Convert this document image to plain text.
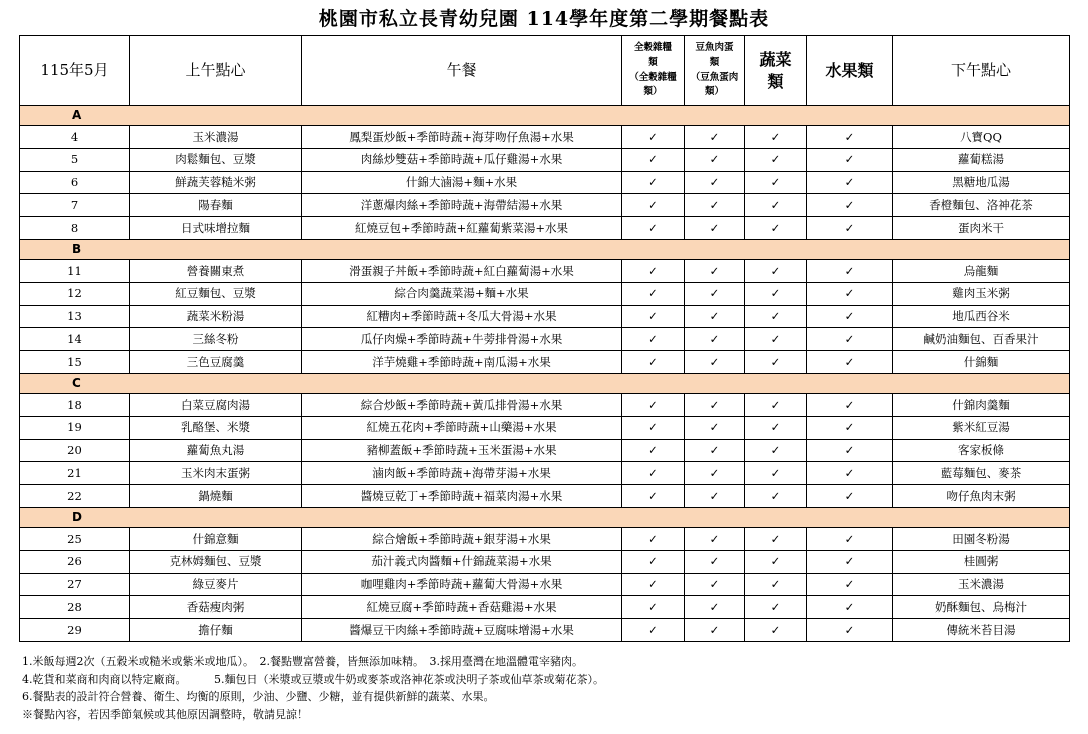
桃園市私立長青幼兒園 114學年度第二學期餐點表
115年5月	上午點心	午餐	全穀雜糧
類
（全穀雜糧
類）	豆魚肉蛋
類
（豆魚蛋肉
類）	蔬菜
類	水果類	下午點心
A							
4	玉米濃湯	鳳梨蛋炒飯+季節時蔬+海芽吻仔魚湯+水果	✓	✓	✓	✓	八寶QQ
5	肉鬆麵包、豆漿	肉絲炒雙菇+季節時蔬+瓜仔雞湯+水果	✓	✓	✓	✓	蘿蔔糕湯
6	鮮蔬芙蓉糙米粥	什錦大滷湯+麵+水果	✓	✓	✓	✓	黑糖地瓜湯
7	陽春麵	洋蔥爆肉絲+季節時蔬+海帶結湯+水果	✓	✓	✓	✓	香橙麵包、洛神花茶
8	日式味增拉麵	紅燒豆包+季節時蔬+紅蘿蔔紫菜湯+水果	✓	✓	✓	✓	蛋肉米干
B							
11	營養關東煮	滑蛋親子丼飯+季節時蔬+紅白蘿蔔湯+水果	✓	✓	✓	✓	烏龍麵
12	紅豆麵包、豆漿	綜合肉羹蔬菜湯+麵+水果	✓	✓	✓	✓	雞肉玉米粥
13	蔬菜米粉湯	紅糟肉+季節時蔬+冬瓜大骨湯+水果	✓	✓	✓	✓	地瓜西谷米
14	三絲冬粉	瓜仔肉燥+季節時蔬+牛蒡排骨湯+水果	✓	✓	✓	✓	鹹奶油麵包、百香果汁
15	三色豆腐羹	洋芋燒雞+季節時蔬+南瓜湯+水果	✓	✓	✓	✓	什錦麵
C							
18	白菜豆腐肉湯	綜合炒飯+季節時蔬+黃瓜排骨湯+水果	✓	✓	✓	✓	什錦肉羹麵
19	乳酪堡、米漿	紅燒五花肉+季節時蔬+山藥湯+水果	✓	✓	✓	✓	紫米紅豆湯
20	蘿蔔魚丸湯	豬柳蓋飯+季節時蔬+玉米蛋湯+水果	✓	✓	✓	✓	客家板條
21	玉米肉末蛋粥	滷肉飯+季節時蔬+海帶芽湯+水果	✓	✓	✓	✓	藍莓麵包、麥茶
22	鍋燒麵	醬燒豆乾丁+季節時蔬+福菜肉湯+水果	✓	✓	✓	✓	吻仔魚肉末粥
D							
25	什錦意麵	綜合燴飯+季節時蔬+銀芽湯+水果	✓	✓	✓	✓	田園冬粉湯
26	克林姆麵包、豆漿	茄汁義式肉醬麵+什錦蔬菜湯+水果	✓	✓	✓	✓	桂圓粥
27	綠豆麥片	咖哩雞肉+季節時蔬+蘿蔔大骨湯+水果	✓	✓	✓	✓	玉米濃湯
28	香菇瘦肉粥	紅燒豆腐+季節時蔬+香菇雞湯+水果	✓	✓	✓	✓	奶酥麵包、烏梅汁
29	擔仔麵	醬爆豆干肉絲+季節時蔬+豆腐味增湯+水果	✓	✓	✓	✓	傳統米苔目湯
1.米飯每週2次（五穀米或糙米或紫米或地瓜）。　2.餐點豐富營養，皆無添加味精。　3.採用臺灣在地溫體電宰豬肉。
4.乾貨和菜商和肉商以特定廠商。　　　5.麵包日（米漿或豆漿或牛奶或麥茶或洛神花茶或決明子茶或仙草茶或菊花茶）。
6.餐點表的設計符合營養、衛生、均衡的原則，少油、少鹽、少糖，並有提供新鮮的蔬菜、水果。
※餐點內容，若因季節氣候或其他原因調整時，敬請見諒！
